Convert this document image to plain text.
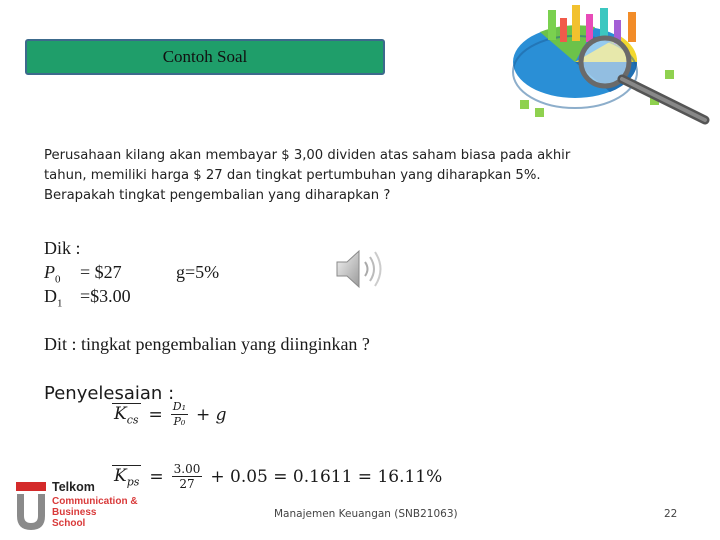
Contoh Soal
Perusahaan kilang akan membayar $ 3,00 dividen atas saham biasa pada akhir
tahun, memiliki harga $ 27 dan tingkat pertumbuhan yang diharapkan 5%.
Berapakah tingkat pengembalian yang diharapkan ?
Dik :
$P_0$ = $27	g=5%
$D_1$ =$3.00
Dit : tingkat pengembalian yang diinginkan ?
Penyelesaian :
$K_{cs} = \frac{\text{D₁}}{\text{P₀}} + g$
$K_{ps} = \frac{3.00}{27} + 0.05 = 0.1611 = 16.11\%$
Telkom
Communication &
Business
School
Manajemen Keuangan (SNB21063)	22
